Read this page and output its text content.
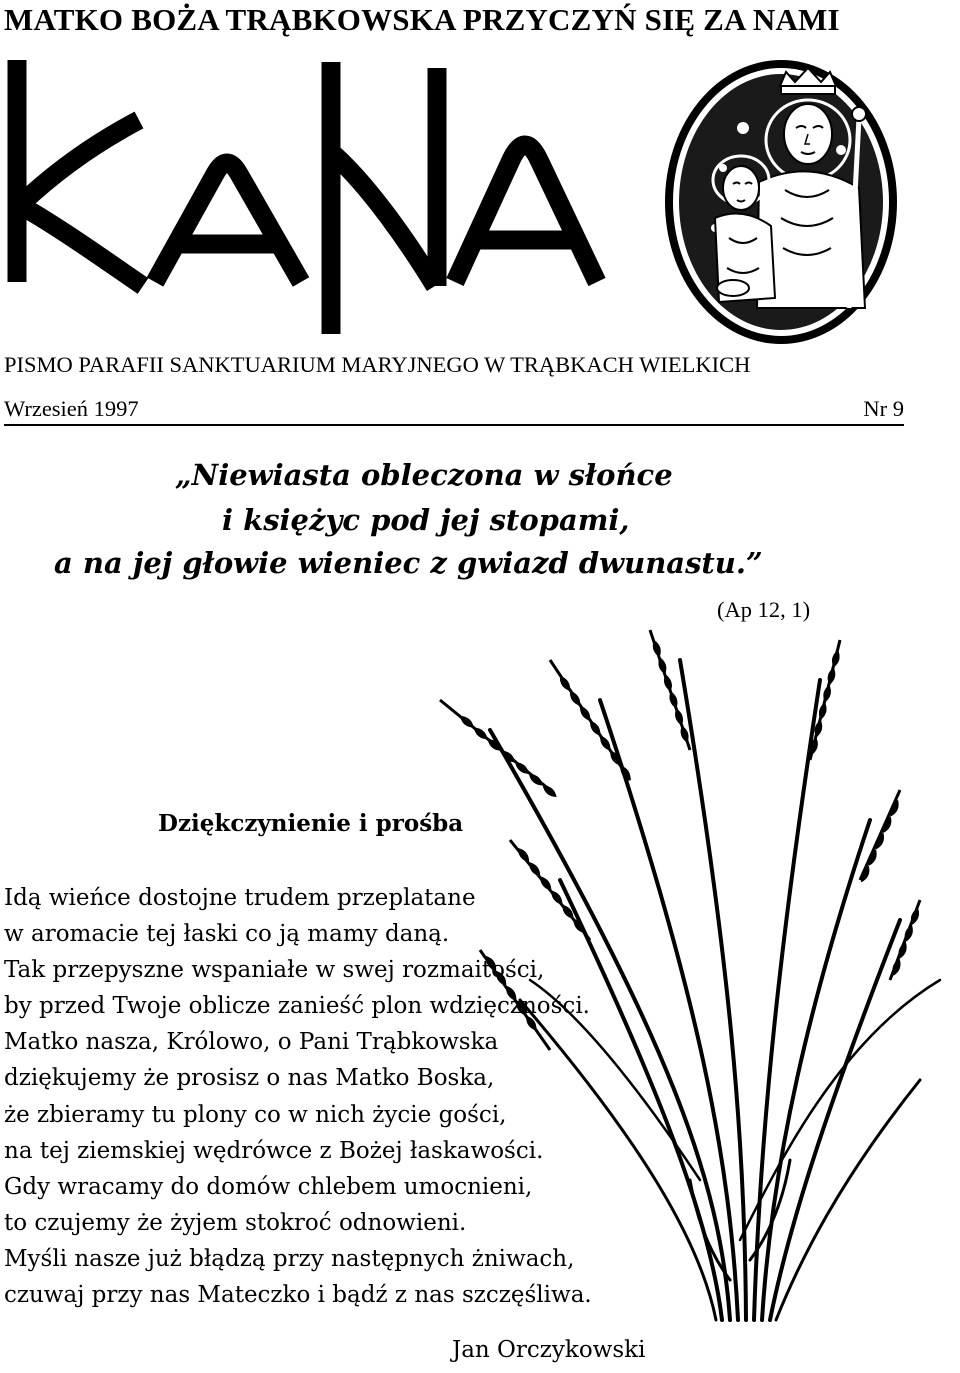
MATKO BOŻA TRĄBKOWSKA PRZYCZYŃ SIĘ ZA NAMI
PISMO PARAFII SANKTUARIUM MARYJNEGO W TRĄBKACH WIELKICH
Wrzesień 1997	Nr 9
„Niewiasta obleczona w słońce
i księżyc pod jej stopami,
a na jej głowie wieniec z gwiazd dwunastu.”
(Ap 12, 1)
Dziękczynienie i prośba
Idą wieńce dostojne trudem przeplatane
w aromacie tej łaski co ją mamy daną.
Tak przepyszne wspaniałe w swej rozmaitości,
by przed Twoje oblicze zanieść plon wdzięczności.
Matko nasza, Królowo, o Pani Trąbkowska
dziękujemy że prosisz o nas Matko Boska,
że zbieramy tu plony co w nich życie gości,
na tej ziemskiej wędrówce z Bożej łaskawości.
Gdy wracamy do domów chlebem umocnieni,
to czujemy że żyjem stokroć odnowieni.
Myśli nasze już błądzą przy następnych żniwach,
czuwaj przy nas Mateczko i bądź z nas szczęśliwa.
Jan Orczykowski
